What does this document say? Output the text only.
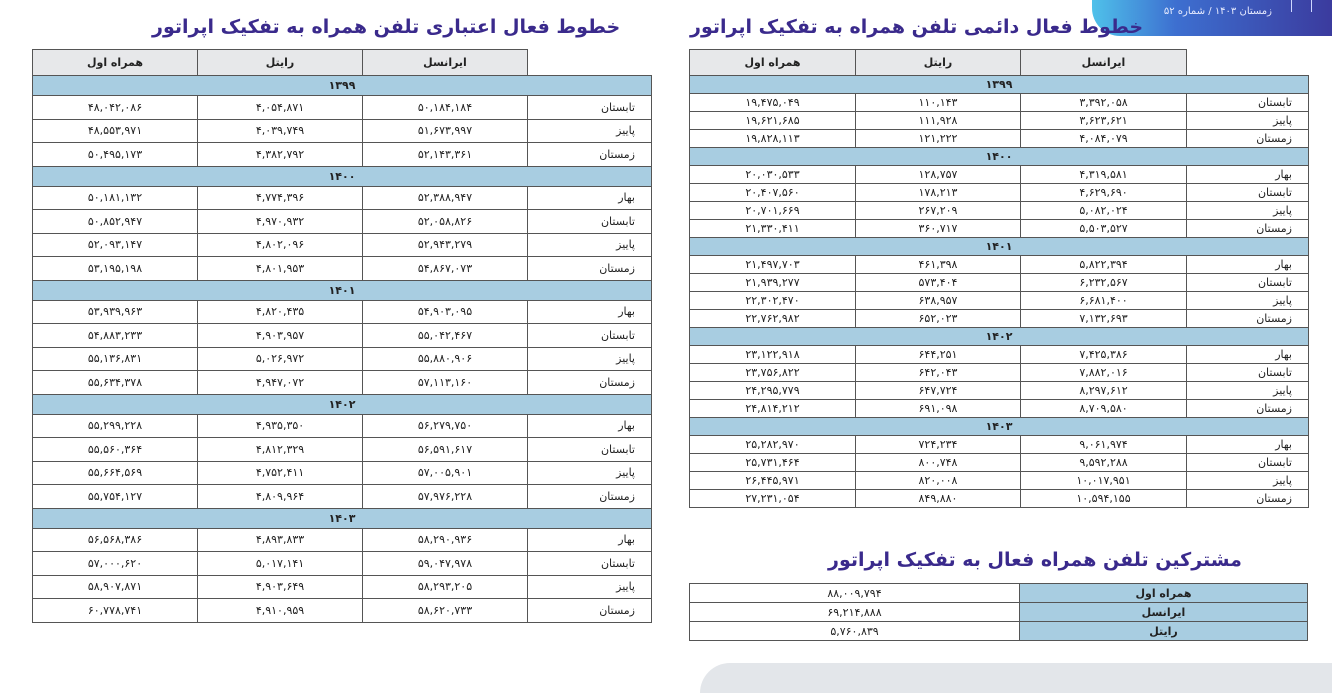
زمستان ۱۴۰۳ / شماره ۵۲
خطوط فعال اعتباری تلفن همراه به تفکیک اپراتور
	ایرانسل	رایتل	همراه اول
۱۳۹۹			
تابستان	۵۰,۱۸۴,۱۸۴	۴,۰۵۴,۸۷۱	۴۸,۰۴۲,۰۸۶
پاییز	۵۱,۶۷۳,۹۹۷	۴,۰۳۹,۷۴۹	۴۸,۵۵۳,۹۷۱
زمستان	۵۲,۱۴۳,۳۶۱	۴,۳۸۲,۷۹۲	۵۰,۴۹۵,۱۷۳
۱۴۰۰			
بهار	۵۲,۳۸۸,۹۴۷	۴,۷۷۴,۳۹۶	۵۰,۱۸۱,۱۳۲
تابستان	۵۲,۰۵۸,۸۲۶	۴,۹۷۰,۹۳۲	۵۰,۸۵۲,۹۴۷
پاییز	۵۲,۹۴۳,۲۷۹	۴,۸۰۲,۰۹۶	۵۲,۰۹۳,۱۴۷
زمستان	۵۴,۸۶۷,۰۷۳	۴,۸۰۱,۹۵۳	۵۳,۱۹۵,۱۹۸
۱۴۰۱			
بهار	۵۴,۹۰۳,۰۹۵	۴,۸۲۰,۴۳۵	۵۳,۹۳۹,۹۶۳
تابستان	۵۵,۰۴۲,۴۶۷	۴,۹۰۳,۹۵۷	۵۴,۸۸۳,۲۳۳
پاییز	۵۵,۸۸۰,۹۰۶	۵,۰۲۶,۹۷۲	۵۵,۱۳۶,۸۳۱
زمستان	۵۷,۱۱۳,۱۶۰	۴,۹۴۷,۰۷۲	۵۵,۶۳۴,۳۷۸
۱۴۰۲			
بهار	۵۶,۲۷۹,۷۵۰	۴,۹۳۵,۳۵۰	۵۵,۲۹۹,۲۲۸
تابستان	۵۶,۵۹۱,۶۱۷	۴,۸۱۲,۳۲۹	۵۵,۵۶۰,۳۶۴
پاییز	۵۷,۰۰۵,۹۰۱	۴,۷۵۲,۴۱۱	۵۵,۶۶۴,۵۶۹
زمستان	۵۷,۹۷۶,۲۲۸	۴,۸۰۹,۹۶۴	۵۵,۷۵۴,۱۲۷
۱۴۰۳			
بهار	۵۸,۲۹۰,۹۳۶	۴,۸۹۳,۸۳۳	۵۶,۵۶۸,۳۸۶
تابستان	۵۹,۰۴۷,۹۷۸	۵,۰۱۷,۱۴۱	۵۷,۰۰۰,۶۲۰
پاییز	۵۸,۲۹۳,۲۰۵	۴,۹۰۳,۶۴۹	۵۸,۹۰۷,۸۷۱
زمستان	۵۸,۶۲۰,۷۳۳	۴,۹۱۰,۹۵۹	۶۰,۷۷۸,۷۴۱
خطوط فعال دائمی تلفن همراه به تفکیک اپراتور
	ایرانسل	رایتل	همراه اول
۱۳۹۹			
تابستان	۳,۳۹۲,۰۵۸	۱۱۰,۱۴۳	۱۹,۴۷۵,۰۴۹
پاییز	۳,۶۲۳,۶۲۱	۱۱۱,۹۲۸	۱۹,۶۲۱,۶۸۵
زمستان	۴,۰۸۴,۰۷۹	۱۲۱,۲۲۲	۱۹,۸۲۸,۱۱۳
۱۴۰۰			
بهار	۴,۳۱۹,۵۸۱	۱۲۸,۷۵۷	۲۰,۰۳۰,۵۳۳
تابستان	۴,۶۲۹,۶۹۰	۱۷۸,۲۱۳	۲۰,۴۰۷,۵۶۰
پاییز	۵,۰۸۲,۰۲۴	۲۶۷,۲۰۹	۲۰,۷۰۱,۶۶۹
زمستان	۵,۵۰۳,۵۲۷	۳۶۰,۷۱۷	۲۱,۳۳۰,۴۱۱
۱۴۰۱			
بهار	۵,۸۲۲,۳۹۴	۴۶۱,۳۹۸	۲۱,۴۹۷,۷۰۳
تابستان	۶,۲۳۲,۵۶۷	۵۷۳,۴۰۴	۲۱,۹۳۹,۲۷۷
پاییز	۶,۶۸۱,۴۰۰	۶۳۸,۹۵۷	۲۲,۳۰۲,۴۷۰
زمستان	۷,۱۳۲,۶۹۳	۶۵۲,۰۲۳	۲۲,۷۶۲,۹۸۲
۱۴۰۲			
بهار	۷,۴۲۵,۳۸۶	۶۴۴,۲۵۱	۲۳,۱۲۲,۹۱۸
تابستان	۷,۸۸۲,۰۱۶	۶۴۲,۰۴۳	۲۳,۷۵۶,۸۲۲
پاییز	۸,۲۹۷,۶۱۲	۶۴۷,۷۲۴	۲۴,۲۹۵,۷۷۹
زمستان	۸,۷۰۹,۵۸۰	۶۹۱,۰۹۸	۲۴,۸۱۴,۲۱۲
۱۴۰۳			
بهار	۹,۰۶۱,۹۷۴	۷۲۴,۲۳۴	۲۵,۲۸۲,۹۷۰
تابستان	۹,۵۹۲,۲۸۸	۸۰۰,۷۴۸	۲۵,۷۳۱,۴۶۴
پاییز	۱۰,۰۱۷,۹۵۱	۸۲۰,۰۰۸	۲۶,۴۴۵,۹۷۱
زمستان	۱۰,۵۹۴,۱۵۵	۸۴۹,۸۸۰	۲۷,۲۳۱,۰۵۴
مشترکین تلفن همراه فعال به تفکیک اپراتور
همراه اول	۸۸,۰۰۹,۷۹۴
ایرانسل	۶۹,۲۱۴,۸۸۸
رایتل	۵,۷۶۰,۸۳۹
